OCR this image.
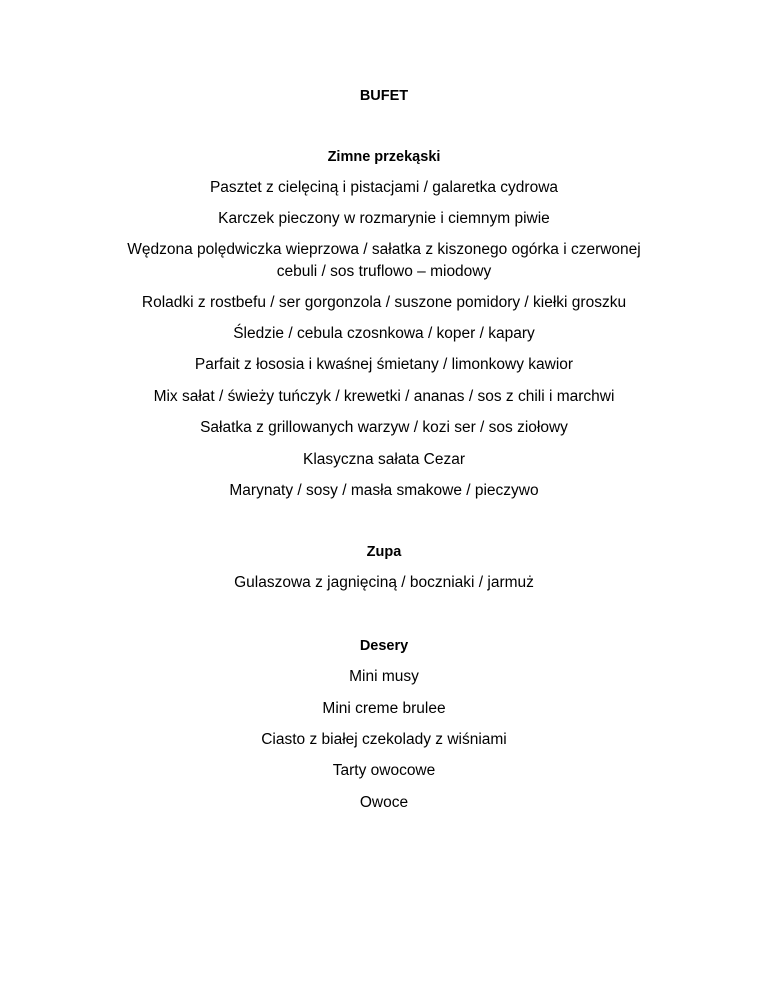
BUFET
Zimne przekąski
Pasztet z cielęciną i pistacjami / galaretka cydrowa
Karczek pieczony w rozmarynie i ciemnym piwie
Wędzona polędwiczka wieprzowa / sałatka z kiszonego ogórka i czerwonej cebuli / sos truflowo – miodowy
Roladki z rostbefu / ser gorgonzola / suszone pomidory / kiełki groszku
Śledzie / cebula czosnkowa / koper / kapary
Parfait z łososia i kwaśnej śmietany / limonkowy kawior
Mix sałat / świeży tuńczyk / krewetki / ananas / sos z chili i marchwi
Sałatka z grillowanych warzyw / kozi ser / sos ziołowy
Klasyczna sałata Cezar
Marynaty / sosy / masła smakowe / pieczywo
Zupa
Gulaszowa z jagnięciną / boczniaki / jarmuż
Desery
Mini musy
Mini creme brulee
Ciasto z białej czekolady z wiśniami
Tarty owocowe
Owoce
